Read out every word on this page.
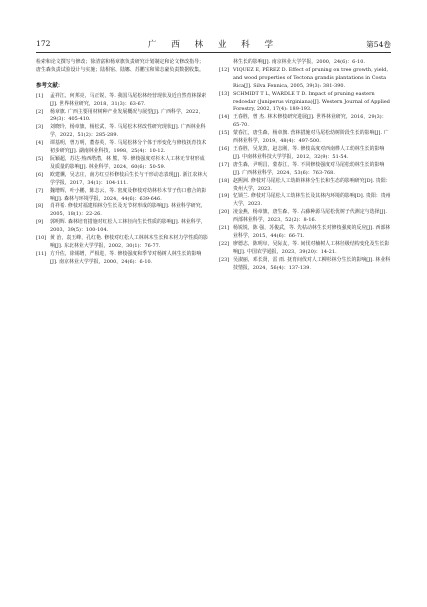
172	广 西 林 业 科 学	第54卷
检索和论文撰写与修改；徐清富和杨章旗负责研究计划制定和论文修改指导；唐生森负责试验设计与实施；陆相宿、陆娜、苏鹏宝和梁志豪负责数据收集。
参考文献：
[1]	孟祥江，何邦亮，马正锐，等. 我国马尾松林经营现状及近自然育林探索[J]. 世界林业研究，2018，31(3)：63-67.
[2]	杨章旗. 广西主要用材树种产业发展概况与展望[J]. 广西科学，2022，29(3)：405-410.
[3]	刘晓玲，杨章旗，杨松武，等. 马尾松木材改性研究现状[J]. 广西林业科学，2022，51(2)：285-289.
[4]	谭基明，曾万明，董春英，等. 马尾松林分个体于形变化与修枝抚育技术初步研究[J]. 湖南林业科技，1998，25(4)：10-12.
[5]	阮颖超，苏达·热西塔潜，林 熊，等. 修枝强度对杉木人工林无节材形成及质量的影响[J]. 林业科学，2024，60(6)：50-59.
[6]	欧建骥，吴志庄，南方红豆杉修枝后生长与干形动态表现[J]. 浙江农林大学学报，2017，34(1)：104-111.
[7]	魏增辉，叶小鹏，陈志云，等. 密度及修枝对幼林杉木节子伤口愈合的影响[J]. 森林与环境学报，2024，44(6)：639-646.
[8]	肖祥希. 修枝对福建柏林分生长及无节材形成的影响[J]. 林业科学研究，2005，18(1)：22-26.
[9]	郭明辉. 森林培育措施对红松人工林径向生长性质的影响[J]. 林业科学，2003，39(5)：100-104.
[10] 黄 治，袁玉峰，孔红艳. 修枝对红松人工林林木生长和木材力学性质的影响[J]. 东北林业大学学报，2002，30(1)：76-77.
[11] 方升佐，徐锡增，严相进，等. 修枝强度和季节对杨树人林生长的影响[J]. 南京林业大学学报，2000，24(6)：6-10.
林生长的影响[J]. 南京林业大学学报，2000，24(6)：6-10.
[12] VIQUEZ E, PÉREZ D. Effect of pruning on tree growth, yield, and wood properties of Tectona grandis plantations in Costa Rica[J]. Silva Fennica, 2005, 39(3): 381-390.
[13] SCHMIDT T L, WARDLE T D. Impact of pruning eastern redcedar (Juniperus virginiana)[J]. Western Journal of Applied Forestry, 2002, 17(4): 189-193.
[14] 王春胜，曾 杰. 林木修枝研究进展[J]. 世界林业研究，2016，29(3)：65-70.
[15] 蒙春江，唐生森，杨章旗. 营林措施对马尾松幼树阶段生长的影响[J]. 广西林业科学，2019，48(4)：497-500.
[16] 王春胜，吴龙敦，赵志刚，等. 修枝高度对西南桦人工幼林生长的影响[J]. 中南林业科技大学学报，2012，32(9)：51-54.
[17] 唐生森，尹明昌，蒙春江，等. 不同修枝强度对马尾松幼林生长的影响[J]. 广西林业科学，2024，53(6)：763-768.
[18] 赵熙洲. 修枝对马尾松人工幼龄林林分生长和生态的影响研究[D]. 贵阳：贵州大学，2023.
[19] 忆锁兰. 修枝对马尾松人工幼林生长及其林内环境的影响[D]. 贵阳：贵州大学，2023.
[20] 凌金燕，杨章旗，唐生森，等. 占藤种源马尾松优树子代测定与选择[J]. 西部林业科学，2023，52(2)：8-16.
[21] 杨锐锐，陈 强，苏俊武，等. 先枯动林生长对修枝强度的反应[J]. 西部林业科学，2015，44(6)：66-71.
[22] 廖德志，陈明阜，吴际友，等. 间伐对楠树人工林径级结构变化及生长影响[J]. 中国农学通报，2023，39(20)：14-21.
[23] 吴淑丽，邓长贤，雷 雨. 抚育间伐对人工柳杉林分生长的影响[J]. 林业科技情报，2024，56(4)：137-139.
